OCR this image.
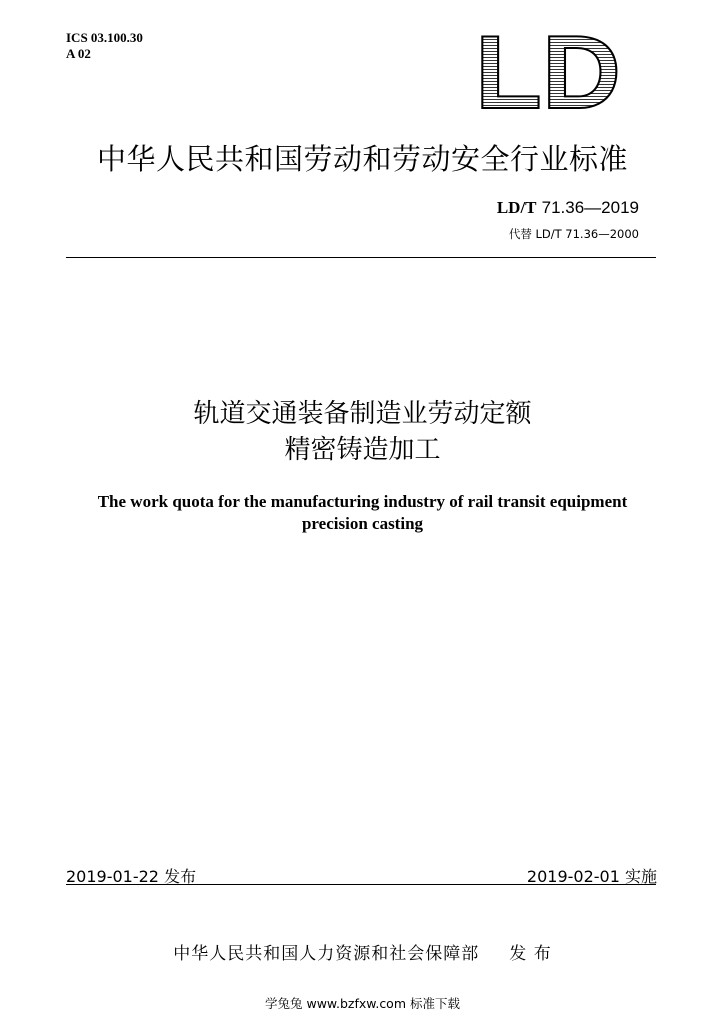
ICS 03.100.30
A 02	LD
中华人民共和国劳动和劳动安全行业标准
LD/T 71.36—2019
代替 LD/T 71.36—2000
轨道交通装备制造业劳动定额
精密铸造加工
The work quota for the manufacturing industry of rail transit equipment
precision casting
2019-01-22 发布	2019-02-01 实施
中华人民共和国人力资源和社会保障部 发 布
学兔兔 www.bzfxw.com 标准下载
